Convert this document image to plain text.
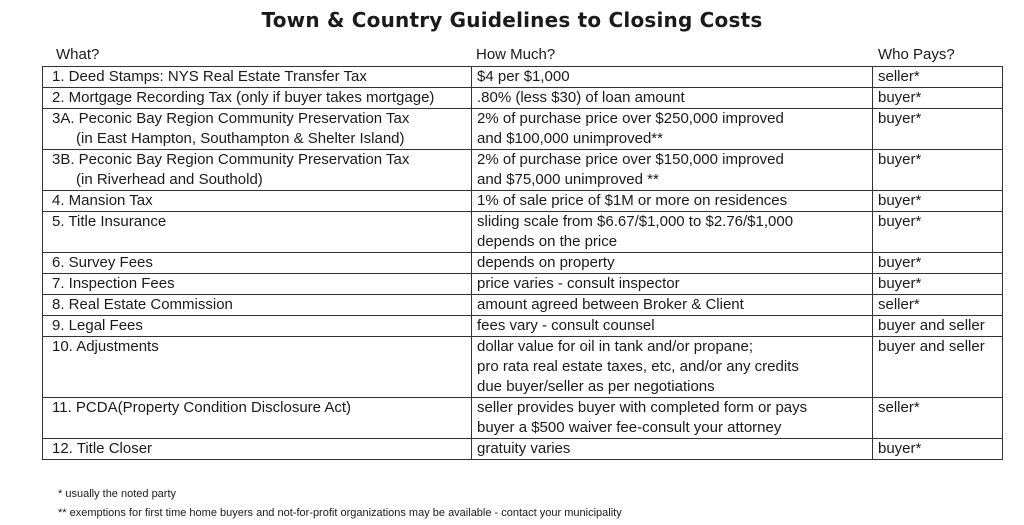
Town & Country Guidelines to Closing Costs
What?	How Much?	Who Pays?
1. Deed Stamps: NYS Real Estate Transfer Tax	$4 per $1,000	seller*

2. Mortgage Recording Tax (only if buyer takes mortgage)	.80% (less $30) of loan amount	buyer*

3A. Peconic Bay Region Community Preservation Tax
(in East Hampton, Southampton & Shelter Island)	2% of purchase price over $250,000 improved
and $100,000 unimproved**	buyer*

3B. Peconic Bay Region Community Preservation Tax
(in Riverhead and Southold)	2% of purchase price over $150,000 improved
and $75,000 unimproved **	buyer*

4. Mansion Tax	1% of sale price of $1M or more on residences	buyer*

5. Title Insurance	sliding scale from $6.67/$1,000 to $2.76/$1,000
depends on the price	buyer*

6. Survey Fees	depends on property	buyer*

7. Inspection Fees	price varies - consult inspector	buyer*

8. Real Estate Commission	amount agreed between Broker & Client	seller*

9. Legal Fees	fees vary - consult counsel	buyer and seller

10. Adjustments	dollar value for oil in tank and/or propane;
pro rata real estate taxes, etc, and/or any credits
due buyer/seller as per negotiations	buyer and seller

11. PCDA(Property Condition Disclosure Act)	seller provides buyer with completed form or pays
buyer a $500 waiver fee-consult your attorney	seller*

12. Title Closer	gratuity varies	buyer*
* usually the noted party
** exemptions for first time home buyers and not-for-profit organizations may be available - contact your municipality
